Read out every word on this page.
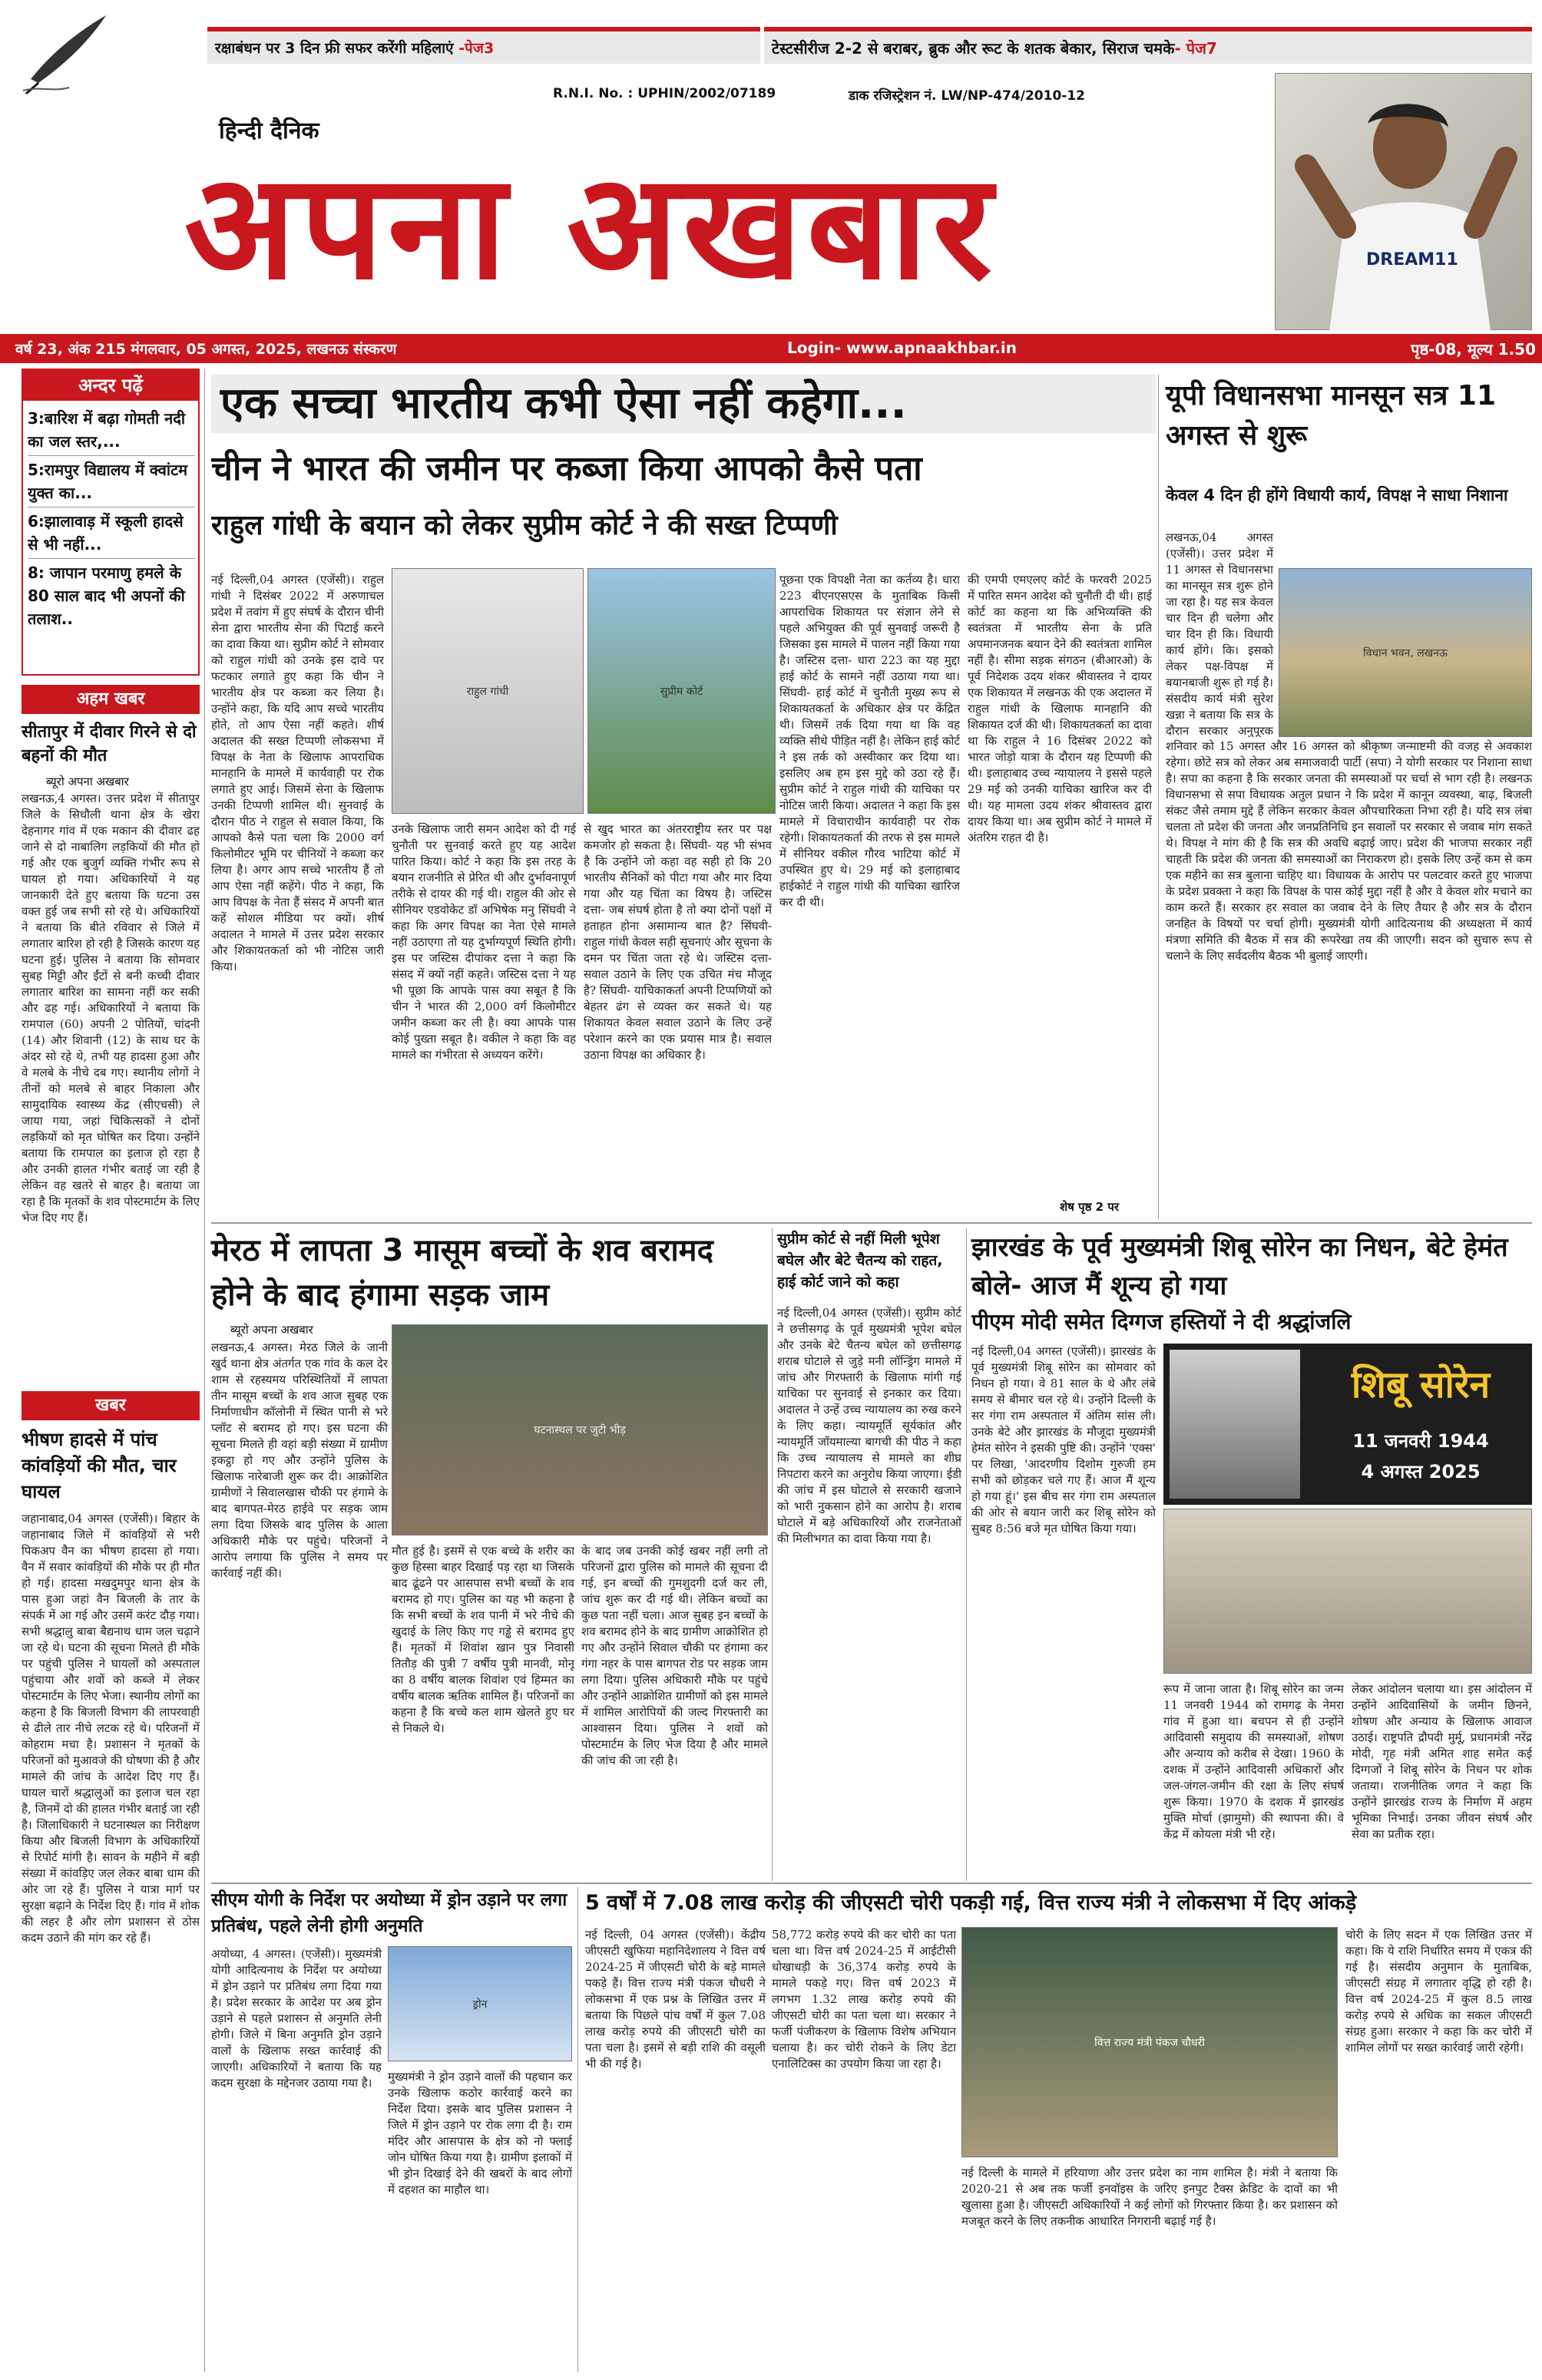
रक्षाबंधन पर 3 दिन फ्री सफर करेंगी महिलाएं -पेज3	टेस्टसीरीज 2-2 से बराबर, ब्रुक और रूट के शतक बेकार, सिराज चमके- पेज7
R.N.I. No. : UPHIN/2002/07189	डाक रजिस्ट्रेशन नं. LW/NP-474/2010-12
हिन्दी दैनिक
अपना अखबार	DREAM11
वर्ष 23, अंक 215 मंगलवार, 05 अगस्त, 2025, लखनऊ संस्करण	Login- www.apnaakhbar.in	पृष्ठ-08, मूल्य 1.50
अन्दर पढ़ें
3:बारिश में बढ़ा गोमती नदी का जल स्तर,...
5:रामपुर विद्यालय में क्वांटम युक्त का...
6:झालावाड़ में स्कूली हादसे से भी नहीं...
8: जापान परमाणु हमले के 80 साल बाद भी अपनों की तलाश..
अहम खबर
सीतापुर में दीवार गिरने से दो बहनों की मौत
ब्यूरो अपना अखबार
लखनऊ,4 अगस्त। उत्तर प्रदेश में सीतापुर जिले के सिधौली थाना क्षेत्र के खेरा देहनागर गांव में एक मकान की दीवार ढह जाने से दो नाबालिग लड़कियों की मौत हो गई और एक बुजुर्ग व्यक्ति गंभीर रूप से घायल हो गया। अधिकारियों ने यह जानकारी देते हुए बताया कि घटना उस वक्त हुई जब सभी सो रहे थे। अधिकारियों ने बताया कि बीते रविवार से जिले में लगातार बारिश हो रही है जिसके कारण यह घटना हुई। पुलिस ने बताया कि सोमवार सुबह मिट्टी और ईंटों से बनी कच्ची दीवार लगातार बारिश का सामना नहीं कर सकी और ढह गई। अधिकारियों ने बताया कि रामपाल (60) अपनी 2 पोतियों, चांदनी (14) और शिवानी (12) के साथ घर के अंदर सो रहे थे, तभी यह हादसा हुआ और वे मलबे के नीचे दब गए। स्थानीय लोगों ने तीनों को मलबे से बाहर निकाला और सामुदायिक स्वास्थ्य केंद्र (सीएचसी) ले जाया गया, जहां चिकित्सकों ने दोनों लड़कियों को मृत घोषित कर दिया। उन्होंने बताया कि रामपाल का इलाज हो रहा है और उनकी हालत गंभीर बताई जा रही है लेकिन वह खतरे से बाहर है। बताया जा रहा है कि मृतकों के शव पोस्टमार्टम के लिए भेज दिए गए हैं।
खबर
भीषण हादसे में पांच कांवड़ियों की मौत, चार घायल
जहानाबाद,04 अगस्त (एजेंसी)। बिहार के जहानाबाद जिले में कांवड़ियों से भरी पिकअप वैन का भीषण हादसा हो गया। वैन में सवार कांवड़ियों की मौके पर ही मौत हो गई। हादसा मखदुमपुर थाना क्षेत्र के पास हुआ जहां वैन बिजली के तार के संपर्क में आ गई और उसमें करंट दौड़ गया। सभी श्रद्धालु बाबा बैद्यनाथ धाम जल चढ़ाने जा रहे थे। घटना की सूचना मिलते ही मौके पर पहुंची पुलिस ने घायलों को अस्पताल पहुंचाया और शवों को कब्जे में लेकर पोस्टमार्टम के लिए भेजा। स्थानीय लोगों का कहना है कि बिजली विभाग की लापरवाही से ढीले तार नीचे लटक रहे थे। परिजनों में कोहराम मचा है। प्रशासन ने मृतकों के परिजनों को मुआवजे की घोषणा की है और मामले की जांच के आदेश दिए गए हैं। घायल चारों श्रद्धालुओं का इलाज चल रहा है, जिनमें दो की हालत गंभीर बताई जा रही है। जिलाधिकारी ने घटनास्थल का निरीक्षण किया और बिजली विभाग के अधिकारियों से रिपोर्ट मांगी है। सावन के महीने में बड़ी संख्या में कांवड़िए जल लेकर बाबा धाम की ओर जा रहे हैं। पुलिस ने यात्रा मार्ग पर सुरक्षा बढ़ाने के निर्देश दिए हैं। गांव में शोक की लहर है और लोग प्रशासन से ठोस कदम उठाने की मांग कर रहे हैं।
एक सच्चा भारतीय कभी ऐसा नहीं कहेगा...
चीन ने भारत की जमीन पर कब्जा किया आपको कैसे पता
राहुल गांधी के बयान को लेकर सुप्रीम कोर्ट ने की सख्त टिप्पणी
राहुल गांधी	सुप्रीम कोर्ट
नई दिल्ली,04 अगस्त (एजेंसी)। राहुल गांधी ने दिसंबर 2022 में अरुणाचल प्रदेश में तवांग में हुए संघर्ष के दौरान चीनी सेना द्वारा भारतीय सेना की पिटाई करने का दावा किया था। सुप्रीम कोर्ट ने सोमवार को राहुल गांधी को उनके इस दावे पर फटकार लगाते हुए कहा कि चीन ने भारतीय क्षेत्र पर कब्जा कर लिया है। उन्होंने कहा, कि यदि आप सच्चे भारतीय होते, तो आप ऐसा नहीं कहते। शीर्ष अदालत की सख्त टिप्पणी लोकसभा में विपक्ष के नेता के खिलाफ आपराधिक मानहानि के मामले में कार्यवाही पर रोक लगाते हुए आई। जिसमें सेना के खिलाफ उनकी टिप्पणी शामिल थी। सुनवाई के दौरान पीठ ने राहुल से सवाल किया, कि आपको कैसे पता चला कि 2000 वर्ग किलोमीटर भूमि पर चीनियों ने कब्जा कर लिया है। अगर आप सच्चे भारतीय हैं तो आप ऐसा नहीं कहेंगे। पीठ ने कहा, कि आप विपक्ष के नेता हैं संसद में अपनी बात कहें सोशल मीडिया पर क्यों। शीर्ष अदालत ने मामले में उत्तर प्रदेश सरकार और शिकायतकर्ता को भी नोटिस जारी किया।
उनके खिलाफ जारी समन आदेश को दी गई चुनौती पर सुनवाई करते हुए यह आदेश पारित किया। कोर्ट ने कहा कि इस तरह के बयान राजनीति से प्रेरित थी और दुर्भावनापूर्ण तरीके से दायर की गई थी। राहुल की ओर से सीनियर एडवोकेट डॉ अभिषेक मनु सिंघवी ने कहा कि अगर विपक्ष का नेता ऐसे मामले नहीं उठाएगा तो यह दुर्भाग्यपूर्ण स्थिति होगी। इस पर जस्टिस दीपांकर दत्ता ने कहा कि संसद में क्यों नहीं कहते। जस्टिस दत्ता ने यह भी पूछा कि आपके पास क्या सबूत है कि चीन ने भारत की 2,000 वर्ग किलोमीटर जमीन कब्जा कर ली है। क्या आपके पास कोई पुख्ता सबूत है। वकील ने कहा कि वह मामले का गंभीरता से अध्ययन करेंगे।
से खुद भारत का अंतरराष्ट्रीय स्तर पर पक्ष कमजोर हो सकता है। सिंघवी- यह भी संभव है कि उन्होंने जो कहा वह सही हो कि 20 भारतीय सैनिकों को पीटा गया और मार दिया गया और यह चिंता का विषय है। जस्टिस दत्ता- जब संघर्ष होता है तो क्या दोनों पक्षों में हताहत होना असामान्य बात है? सिंघवी- राहुल गांधी केवल सही सूचनाएं और सूचना के दमन पर चिंता जता रहे थे। जस्टिस दत्ता- सवाल उठाने के लिए एक उचित मंच मौजूद है? सिंघवी- याचिकाकर्ता अपनी टिप्पणियों को बेहतर ढंग से व्यक्त कर सकते थे। यह शिकायत केवल सवाल उठाने के लिए उन्हें परेशान करने का एक प्रयास मात्र है। सवाल उठाना विपक्ष का अधिकार है।
पूछना एक विपक्षी नेता का कर्तव्य है। धारा 223 बीएनएसएस के मुताबिक किसी आपराधिक शिकायत पर संज्ञान लेने से पहले अभियुक्त की पूर्व सुनवाई जरूरी है जिसका इस मामले में पालन नहीं किया गया है। जस्टिस दत्ता- धारा 223 का यह मुद्दा हाई कोर्ट के सामने नहीं उठाया गया था। सिंघवी- हाई कोर्ट में चुनौती मुख्य रूप से शिकायतकर्ता के अधिकार क्षेत्र पर केंद्रित थी। जिसमें तर्क दिया गया था कि वह व्यक्ति सीधे पीड़ित नहीं है। लेकिन हाई कोर्ट ने इस तर्क को अस्वीकार कर दिया था। इसलिए अब हम इस मुद्दे को उठा रहे हैं। सुप्रीम कोर्ट ने राहुल गांधी की याचिका पर नोटिस जारी किया। अदालत ने कहा कि इस मामले में विचाराधीन कार्यवाही पर रोक रहेगी। शिकायतकर्ता की तरफ से इस मामले में सीनियर वकील गौरव भाटिया कोर्ट में उपस्थित हुए थे। 29 मई को इलाहाबाद हाईकोर्ट ने राहुल गांधी की याचिका खारिज कर दी थी।
की एमपी एमएलए कोर्ट के फरवरी 2025 में पारित समन आदेश को चुनौती दी थी। हाई कोर्ट का कहना था कि अभिव्यक्ति की स्वतंत्रता में भारतीय सेना के प्रति अपमानजनक बयान देने की स्वतंत्रता शामिल नहीं है। सीमा सड़क संगठन (बीआरओ) के पूर्व निदेशक उदय शंकर श्रीवास्तव ने दायर एक शिकायत में लखनऊ की एक अदालत में राहुल गांधी के खिलाफ मानहानि की शिकायत दर्ज की थी। शिकायतकर्ता का दावा था कि राहुल ने 16 दिसंबर 2022 को भारत जोड़ो यात्रा के दौरान यह टिप्पणी की थी। इलाहाबाद उच्च न्यायालय ने इससे पहले 29 मई को उनकी याचिका खारिज कर दी थी। यह मामला उदय शंकर श्रीवास्तव द्वारा दायर किया था। अब सुप्रीम कोर्ट ने मामले में अंतरिम राहत दी है।
शेष पृष्ठ 2 पर
यूपी विधानसभा मानसून सत्र 11 अगस्त से शुरू
केवल 4 दिन ही होंगे विधायी कार्य, विपक्ष ने साधा निशाना
विधान भवन, लखनऊ
लखनऊ,04 अगस्त (एजेंसी)। उत्तर प्रदेश में 11 अगस्त से विधानसभा का मानसून सत्र शुरू होने जा रहा है। यह सत्र केवल चार दिन ही चलेगा और चार दिन ही कि। विधायी कार्य होंगे। कि। इसको लेकर पक्ष-विपक्ष में बयानबाजी शुरू हो गई है। संसदीय कार्य मंत्री सुरेश खन्ना ने बताया कि सत्र के दौरान सरकार अनुपूरक
शनिवार को 15 अगस्त और 16 अगस्त को श्रीकृष्ण जन्माष्टमी की वजह से अवकाश रहेगा। छोटे सत्र को लेकर अब समाजवादी पार्टी (सपा) ने योगी सरकार पर निशाना साधा है। सपा का कहना है कि सरकार जनता की समस्याओं पर चर्चा से भाग रही है। लखनऊ विधानसभा से सपा विधायक अतुल प्रधान ने कि प्रदेश में कानून व्यवस्था, बाढ़, बिजली संकट जैसे तमाम मुद्दे हैं लेकिन सरकार केवल औपचारिकता निभा रही है। यदि सत्र लंबा चलता तो प्रदेश की जनता और जनप्रतिनिधि इन सवालों पर सरकार से जवाब मांग सकते थे। विपक्ष ने मांग की है कि सत्र की अवधि बढ़ाई जाए। प्रदेश की भाजपा सरकार नहीं चाहती कि प्रदेश की जनता की समस्याओं का निराकरण हो। इसके लिए उन्हें कम से कम एक महीने का सत्र बुलाना चाहिए था। विधायक के आरोप पर पलटवार करते हुए भाजपा के प्रदेश प्रवक्ता ने कहा कि विपक्ष के पास कोई मुद्दा नहीं है और वे केवल शोर मचाने का काम करते हैं। सरकार हर सवाल का जवाब देने के लिए तैयार है और सत्र के दौरान जनहित के विषयों पर चर्चा होगी। मुख्यमंत्री योगी आदित्यनाथ की अध्यक्षता में कार्य मंत्रणा समिति की बैठक में सत्र की रूपरेखा तय की जाएगी। सदन को सुचारु रूप से चलाने के लिए सर्वदलीय बैठक भी बुलाई जाएगी।
मेरठ में लापता 3 मासूम बच्चों के शव बरामद होने के बाद हंगामा सड़क जाम
ब्यूरो अपना अखबार
लखनऊ,4 अगस्त। मेरठ जिले के जानी खुर्द थाना क्षेत्र अंतर्गत एक गांव के कल देर शाम से रहस्यमय परिस्थितियों में लापता तीन मासूम बच्चों के शव आज सुबह एक निर्माणाधीन कॉलोनी में स्थित पानी से भरे प्लॉट से बरामद हो गए। इस घटना की सूचना मिलते ही वहां बड़ी संख्या में ग्रामीण इकट्ठा हो गए और उन्होंने पुलिस के खिलाफ नारेबाजी शुरू कर दी। आक्रोशित ग्रामीणों ने सिवालखास चौकी पर हंगामे के बाद बागपत-मेरठ हाईवे पर सड़क जाम लगा दिया जिसके बाद पुलिस के आला अधिकारी मौके पर पहुंचे। परिजनों ने आरोप लगाया कि पुलिस ने समय पर कार्रवाई नहीं की।
घटनास्थल पर जुटी भीड़
मौत हुई है। इसमें से एक बच्चे के शरीर का कुछ हिस्सा बाहर दिखाई पड़ रहा था जिसके बाद ढूंढने पर आसपास सभी बच्चों के शव बरामद हो गए। पुलिस का यह भी कहना है कि सभी बच्चों के शव पानी में भरे नीचे की खुदाई के लिए किए गए गड्ढे से बरामद हुए हैं। मृतकों में शिवांश खान पुत्र निवासी तितौड़ की पुत्री 7 वर्षीय पुत्री मानवी, मोनू का 8 वर्षीय बालक शिवांश एवं हिम्मत का वर्षीय बालक ऋतिक शामिल हैं। परिजनों का कहना है कि बच्चे कल शाम खेलते हुए घर से निकले थे।
के बाद जब उनकी कोई खबर नहीं लगी तो परिजनों द्वारा पुलिस को मामले की सूचना दी गई, इन बच्चों की गुमशुदगी दर्ज कर ली, जांच शुरू कर दी गई थी। लेकिन बच्चों का कुछ पता नहीं चला। आज सुबह इन बच्चों के शव बरामद होने के बाद ग्रामीण आक्रोशित हो गए और उन्होंने सिवाल चौकी पर हंगामा कर गंगा नहर के पास बागपत रोड पर सड़क जाम लगा दिया। पुलिस अधिकारी मौके पर पहुंचे और उन्होंने आक्रोशित ग्रामीणों को इस मामले में शामिल आरोपियों की जल्द गिरफ्तारी का आश्वासन दिया। पुलिस ने शवों को पोस्टमार्टम के लिए भेज दिया है और मामले की जांच की जा रही है।
सुप्रीम कोर्ट से नहीं मिली भूपेश बघेल और बेटे चैतन्य को राहत, हाई कोर्ट जाने को कहा
नई दिल्ली,04 अगस्त (एजेंसी)। सुप्रीम कोर्ट ने छत्तीसगढ़ के पूर्व मुख्यमंत्री भूपेश बघेल और उनके बेटे चैतन्य बघेल को छत्तीसगढ़ शराब घोटाले से जुड़े मनी लॉन्ड्रिंग मामले में जांच और गिरफ्तारी के खिलाफ मांगी गई याचिका पर सुनवाई से इनकार कर दिया। अदालत ने उन्हें उच्च न्यायालय का रुख करने के लिए कहा। न्यायमूर्ति सूर्यकांत और न्यायमूर्ति जॉयमाल्या बागची की पीठ ने कहा कि उच्च न्यायालय से मामले का शीघ्र निपटारा करने का अनुरोध किया जाएगा। ईडी की जांच में इस घोटाले से सरकारी खजाने को भारी नुकसान होने का आरोप है। शराब घोटाले में बड़े अधिकारियों और राजनेताओं की मिलीभगत का दावा किया गया है।
झारखंड के पूर्व मुख्यमंत्री शिबू सोरेन का निधन, बेटे हेमंत बोले- आज मैं शून्य हो गया
पीएम मोदी समेत दिग्गज हस्तियों ने दी श्रद्धांजलि
नई दिल्ली,04 अगस्त (एजेंसी)। झारखंड के पूर्व मुख्यमंत्री शिबू सोरेन का सोमवार को निधन हो गया। वे 81 साल के थे और लंबे समय से बीमार चल रहे थे। उन्होंने दिल्ली के सर गंगा राम अस्पताल में अंतिम सांस ली। उनके बेटे और झारखंड के मौजूदा मुख्यमंत्री हेमंत सोरेन ने इसकी पुष्टि की। उन्होंने 'एक्स' पर लिखा, 'आदरणीय दिशोम गुरुजी हम सभी को छोड़कर चले गए हैं। आज मैं शून्य हो गया हूं।' इस बीच सर गंगा राम अस्पताल की ओर से बयान जारी कर शिबू सोरेन को सुबह 8:56 बजे मृत घोषित किया गया।
शिबू सोरेन
11 जनवरी 1944
4 अगस्त 2025
रूप में जाना जाता है। शिबू सोरेन का जन्म 11 जनवरी 1944 को रामगढ़ के नेमरा गांव में हुआ था। बचपन से ही उन्होंने आदिवासी समुदाय की समस्याओं, शोषण और अन्याय को करीब से देखा। 1960 के दशक में उन्होंने आदिवासी अधिकारों और जल-जंगल-जमीन की रक्षा के लिए संघर्ष शुरू किया। 1970 के दशक में झारखंड मुक्ति मोर्चा (झामुमो) की स्थापना की। वे केंद्र में कोयला मंत्री भी रहे।
लेकर आंदोलन चलाया था। इस आंदोलन में उन्होंने आदिवासियों के जमीन छिनने, शोषण और अन्याय के खिलाफ आवाज उठाई। राष्ट्रपति द्रौपदी मुर्मू, प्रधानमंत्री नरेंद्र मोदी, गृह मंत्री अमित शाह समेत कई दिग्गजों ने शिबू सोरेन के निधन पर शोक जताया। राजनीतिक जगत ने कहा कि उन्होंने झारखंड राज्य के निर्माण में अहम भूमिका निभाई। उनका जीवन संघर्ष और सेवा का प्रतीक रहा।
सीएम योगी के निर्देश पर अयोध्या में ड्रोन उड़ाने पर लगा प्रतिबंध, पहले लेनी होगी अनुमति
ड्रोन
अयोध्या, 4 अगस्त। (एजेंसी)। मुख्यमंत्री योगी आदित्यनाथ के निर्देश पर अयोध्या में ड्रोन उड़ाने पर प्रतिबंध लगा दिया गया है। प्रदेश सरकार के आदेश पर अब ड्रोन उड़ाने से पहले प्रशासन से अनुमति लेनी होगी। जिले में बिना अनुमति ड्रोन उड़ाने वालों के खिलाफ सख्त कार्रवाई की जाएगी। अधिकारियों ने बताया कि यह कदम सुरक्षा के मद्देनजर उठाया गया है।	मुख्यमंत्री ने ड्रोन उड़ाने वालों की पहचान कर उनके खिलाफ कठोर कार्रवाई करने का निर्देश दिया। इसके बाद पुलिस प्रशासन ने जिले में ड्रोन उड़ाने पर रोक लगा दी है। राम मंदिर और आसपास के क्षेत्र को नो फ्लाई जोन घोषित किया गया है। ग्रामीण इलाकों में भी ड्रोन दिखाई देने की खबरों के बाद लोगों में दहशत का माहौल था।
5 वर्षों में 7.08 लाख करोड़ की जीएसटी चोरी पकड़ी गई, वित्त राज्य मंत्री ने लोकसभा में दिए आंकड़े
नई दिल्ली, 04 अगस्त (एजेंसी)। केंद्रीय जीएसटी खुफिया महानिदेशालय ने वित्त वर्ष 2024-25 में जीएसटी चोरी के बड़े मामले पकड़े हैं। वित्त राज्य मंत्री पंकज चौधरी ने लोकसभा में एक प्रश्न के लिखित उत्तर में बताया कि पिछले पांच वर्षों में कुल 7.08 लाख करोड़ रुपये की जीएसटी चोरी का पता चला है। इसमें से बड़ी राशि की वसूली भी की गई है।
58,772 करोड़ रुपये की कर चोरी का पता चला था। वित्त वर्ष 2024-25 में आईटीसी धोखाधड़ी के 36,374 करोड़ रुपये के मामले पकड़े गए। वित्त वर्ष 2023 में लगभग 1.32 लाख करोड़ रुपये की जीएसटी चोरी का पता चला था। सरकार ने फर्जी पंजीकरण के खिलाफ विशेष अभियान चलाया है। कर चोरी रोकने के लिए डेटा एनालिटिक्स का उपयोग किया जा रहा है।
वित्त राज्य मंत्री पंकज चौधरी
नई दिल्ली के मामले में हरियाणा और उत्तर प्रदेश का नाम शामिल है। मंत्री ने बताया कि 2020-21 से अब तक फर्जी इनवॉइस के जरिए इनपुट टैक्स क्रेडिट के दावों का भी खुलासा हुआ है। जीएसटी अधिकारियों ने कई लोगों को गिरफ्तार किया है। कर प्रशासन को मजबूत करने के लिए तकनीक आधारित निगरानी बढ़ाई गई है।
चोरी के लिए सदन में एक लिखित उत्तर में कहा। कि ये राशि निर्धारित समय में एकत्र की गई है। संसदीय अनुमान के मुताबिक, जीएसटी संग्रह में लगातार वृद्धि हो रही है। वित्त वर्ष 2024-25 में कुल 8.5 लाख करोड़ रुपये से अधिक का सकल जीएसटी संग्रह हुआ। सरकार ने कहा कि कर चोरी में शामिल लोगों पर सख्त कार्रवाई जारी रहेगी।
